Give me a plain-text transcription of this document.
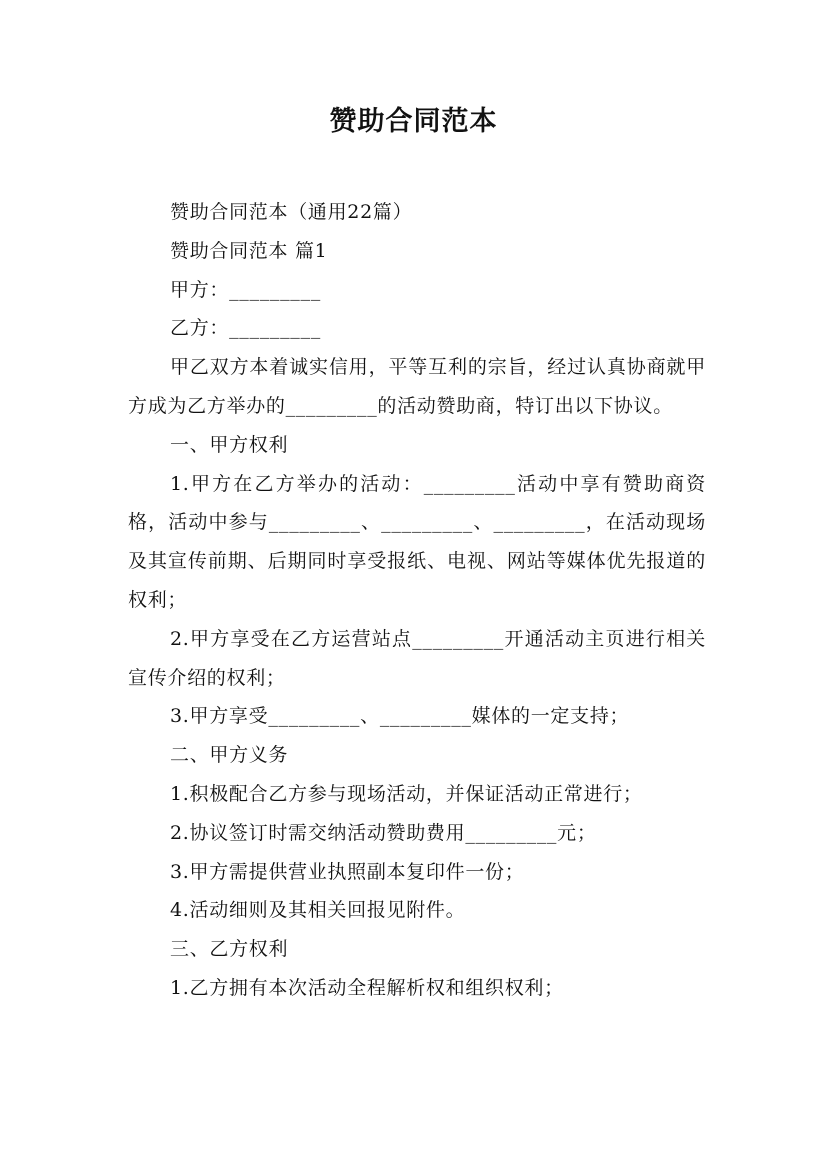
赞助合同范本

赞助合同范本（通用22篇）

赞助合同范本 篇1

甲方：_________

乙方：_________

甲乙双方本着诚实信用，平等互利的宗旨，经过认真协商就甲方成为乙方举办的_________的活动赞助商，特订出以下协议。

一、甲方权利

1.甲方在乙方举办的活动：_________活动中享有赞助商资格，活动中参与_________、_________、_________，在活动现场及其宣传前期、后期同时享受报纸、电视、网站等媒体优先报道的权利；

2.甲方享受在乙方运营站点_________开通活动主页进行相关宣传介绍的权利；

3.甲方享受_________、_________媒体的一定支持；

二、甲方义务

1.积极配合乙方参与现场活动，并保证活动正常进行；

2.协议签订时需交纳活动赞助费用_________元；

3.甲方需提供营业执照副本复印件一份；

4.活动细则及其相关回报见附件。

三、乙方权利

1.乙方拥有本次活动全程解析权和组织权利；
